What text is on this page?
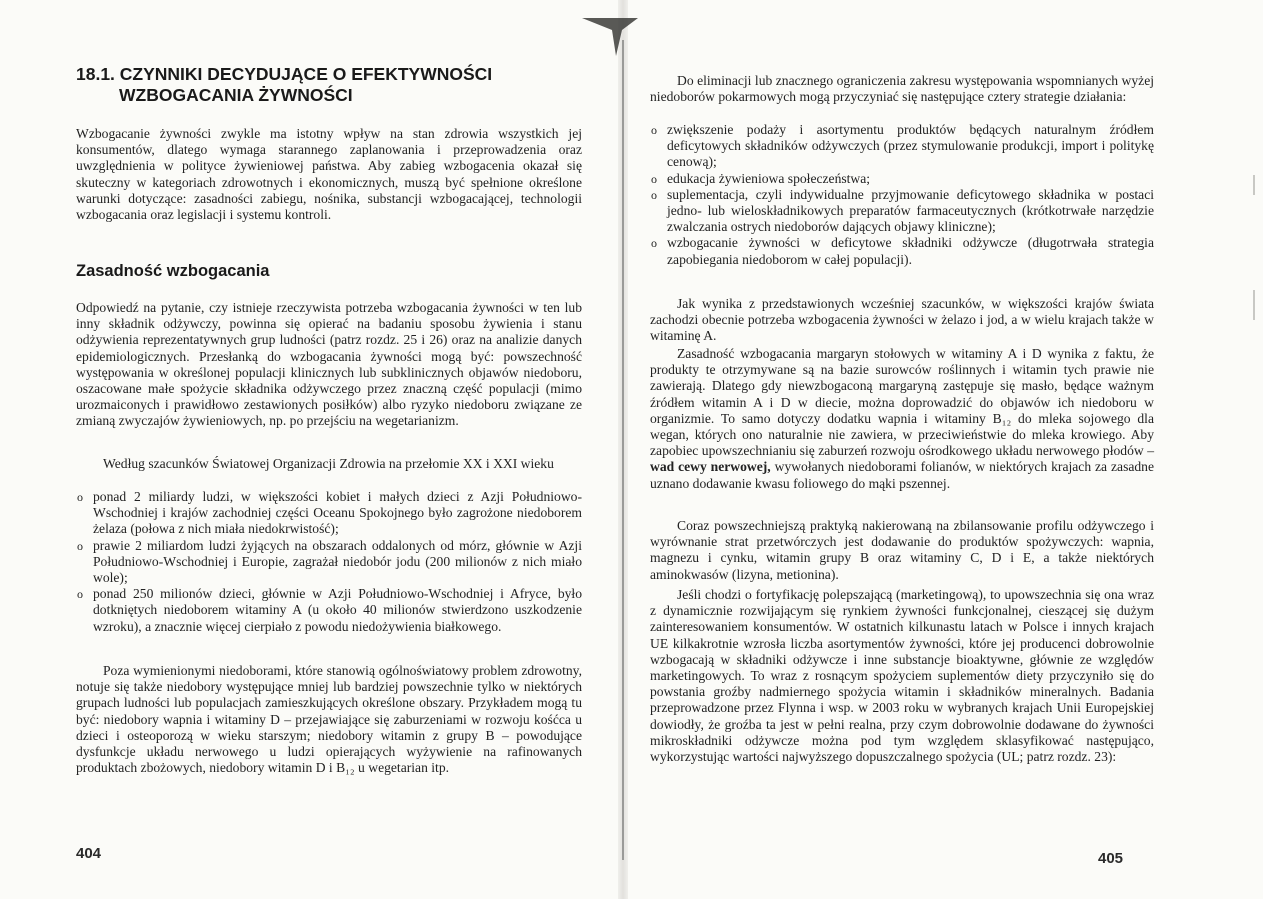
18.1. CZYNNIKI DECYDUJĄCE O EFEKTYWNOŚCI
WZBOGACANIA ŻYWNOŚCI
Wzbogacanie żywności zwykle ma istotny wpływ na stan zdrowia wszystkich jej konsumentów, dlatego wymaga starannego zaplanowania i przeprowadzenia oraz uwzględnienia w polityce żywieniowej państwa. Aby zabieg wzbogacenia okazał się skuteczny w kategoriach zdrowotnych i ekonomicznych, muszą być spełnione określone warunki dotyczące: zasadności zabiegu, nośnika, substancji wzbogacającej, technologii wzbogacania oraz legislacji i systemu kontroli.
Zasadność wzbogacania
Odpowiedź na pytanie, czy istnieje rzeczywista potrzeba wzbogacania żywności w ten lub inny składnik odżywczy, powinna się opierać na badaniu sposobu żywienia i stanu odżywienia reprezentatywnych grup ludności (patrz rozdz. 25 i 26) oraz na analizie danych epidemiologicznych. Przesłanką do wzbogacania żywności mogą być: powszechność występowania w określonej populacji klinicznych lub subklinicznych objawów niedoboru, oszacowane małe spożycie składnika odżywczego przez znaczną część populacji (mimo urozmaiconych i prawidłowo zestawionych posiłków) albo ryzyko niedoboru związane ze zmianą zwyczajów żywieniowych, np. po przejściu na wegetarianizm.
Według szacunków Światowej Organizacji Zdrowia na przełomie XX i XXI wieku
o ponad 2 miliardy ludzi, w większości kobiet i małych dzieci z Azji Południowo-Wschodniej i krajów zachodniej części Oceanu Spokojnego było zagrożone niedoborem żelaza (połowa z nich miała niedokrwistość);
o prawie 2 miliardom ludzi żyjących na obszarach oddalonych od mórz, głównie w Azji Południowo-Wschodniej i Europie, zagrażał niedobór jodu (200 milionów z nich miało wole);
o ponad 250 milionów dzieci, głównie w Azji Południowo-Wschodniej i Afryce, było dotkniętych niedoborem witaminy A (u około 40 milionów stwierdzono uszkodzenie wzroku), a znacznie więcej cierpiało z powodu niedożywienia białkowego.
Poza wymienionymi niedoborami, które stanowią ogólnoświatowy problem zdrowotny, notuje się także niedobory występujące mniej lub bardziej powszechnie tylko w niektórych grupach ludności lub populacjach zamieszkujących określone obszary. Przykładem mogą tu być: niedobory wapnia i witaminy D – przejawiające się zaburzeniami w rozwoju kośćca u dzieci i osteoporozą w wieku starszym; niedobory witamin z grupy B – powodujące dysfunkcje układu nerwowego u ludzi opierających wyżywienie na rafinowanych produktach zbożowych, niedobory witamin D i B₁₂ u wegetarian itp.
404
Do eliminacji lub znacznego ograniczenia zakresu występowania wspomnianych wyżej niedoborów pokarmowych mogą przyczyniać się następujące cztery strategie działania:
o zwiększenie podaży i asortymentu produktów będących naturalnym źródłem deficytowych składników odżywczych (przez stymulowanie produkcji, import i politykę cenową);
o edukacja żywieniowa społeczeństwa;
o suplementacja, czyli indywidualne przyjmowanie deficytowego składnika w postaci jedno- lub wieloskładnikowych preparatów farmaceutycznych (krótkotrwałe narzędzie zwalczania ostrych niedoborów dających objawy kliniczne);
o wzbogacanie żywności w deficytowe składniki odżywcze (długotrwała strategia zapobiegania niedoborom w całej populacji).
Jak wynika z przedstawionych wcześniej szacunków, w większości krajów świata zachodzi obecnie potrzeba wzbogacenia żywności w żelazo i jod, a w wielu krajach także w witaminę A.
Zasadność wzbogacania margaryn stołowych w witaminy A i D wynika z faktu, że produkty te otrzymywane są na bazie surowców roślinnych i witamin tych prawie nie zawierają. Dlatego gdy niewzbogaconą margaryną zastępuje się masło, będące ważnym źródłem witamin A i D w diecie, można doprowadzić do objawów ich niedoboru w organizmie. To samo dotyczy dodatku wapnia i witaminy B₁₂ do mleka sojowego dla wegan, których ono naturalnie nie zawiera, w przeciwieństwie do mleka krowiego. Aby zapobiec upowszechnianiu się zaburzeń rozwoju ośrodkowego układu nerwowego płodów – wad cewy nerwowej, wywołanych niedoborami folianów, w niektórych krajach za zasadne uznano dodawanie kwasu foliowego do mąki pszennej.
Coraz powszechniejszą praktyką nakierowaną na zbilansowanie profilu odżywczego i wyrównanie strat przetwórczych jest dodawanie do produktów spożywczych: wapnia, magnezu i cynku, witamin grupy B oraz witaminy C, D i E, a także niektórych aminokwasów (lizyna, metionina).
Jeśli chodzi o fortyfikację polepszającą (marketingową), to upowszechnia się ona wraz z dynamicznie rozwijającym się rynkiem żywności funkcjonalnej, cieszącej się dużym zainteresowaniem konsumentów. W ostatnich kilkunastu latach w Polsce i innych krajach UE kilkakrotnie wzrosła liczba asortymentów żywności, które jej producenci dobrowolnie wzbogacają w składniki odżywcze i inne substancje bioaktywne, głównie ze względów marketingowych. To wraz z rosnącym spożyciem suplementów diety przyczyniło się do powstania groźby nadmiernego spożycia witamin i składników mineralnych. Badania przeprowadzone przez Flynna i wsp. w 2003 roku w wybranych krajach Unii Europejskiej dowiodły, że groźba ta jest w pełni realna, przy czym dobrowolnie dodawane do żywności mikroskładniki odżywcze można pod tym względem sklasyfikować następująco, wykorzystując wartości najwyższego dopuszczalnego spożycia (UL; patrz rozdz. 23):
405
